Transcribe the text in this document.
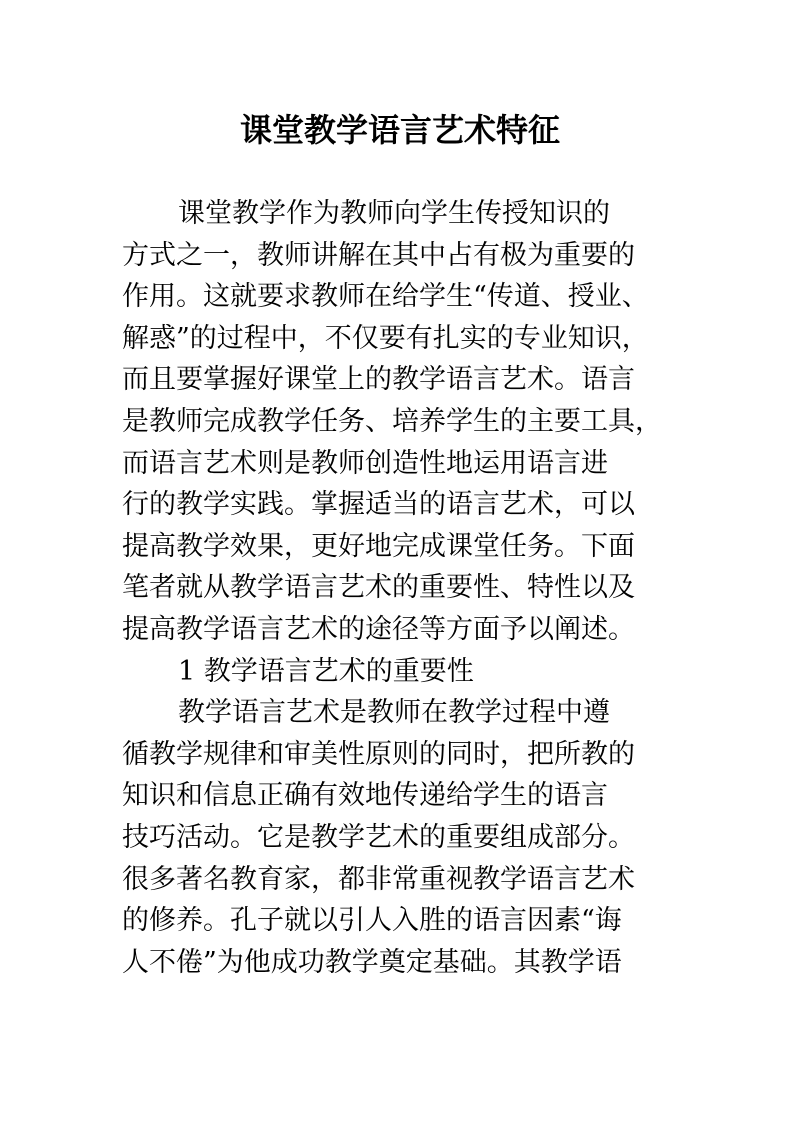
课堂教学语言艺术特征
课堂教学作为教师向学生传授知识的
方式之一，教师讲解在其中占有极为重要的
作用。这就要求教师在给学生“传道、授业、
解惑”的过程中，不仅要有扎实的专业知识，
而且要掌握好课堂上的教学语言艺术。语言
是教师完成教学任务、培养学生的主要工具，
而语言艺术则是教师创造性地运用语言进
行的教学实践。掌握适当的语言艺术，可以
提高教学效果，更好地完成课堂任务。下面
笔者就从教学语言艺术的重要性、特性以及
提高教学语言艺术的途径等方面予以阐述。
1 教学语言艺术的重要性
教学语言艺术是教师在教学过程中遵
循教学规律和审美性原则的同时，把所教的
知识和信息正确有效地传递给学生的语言
技巧活动。它是教学艺术的重要组成部分。
很多著名教育家，都非常重视教学语言艺术
的修养。孔子就以引人入胜的语言因素“诲
人不倦”为他成功教学奠定基础。其教学语
